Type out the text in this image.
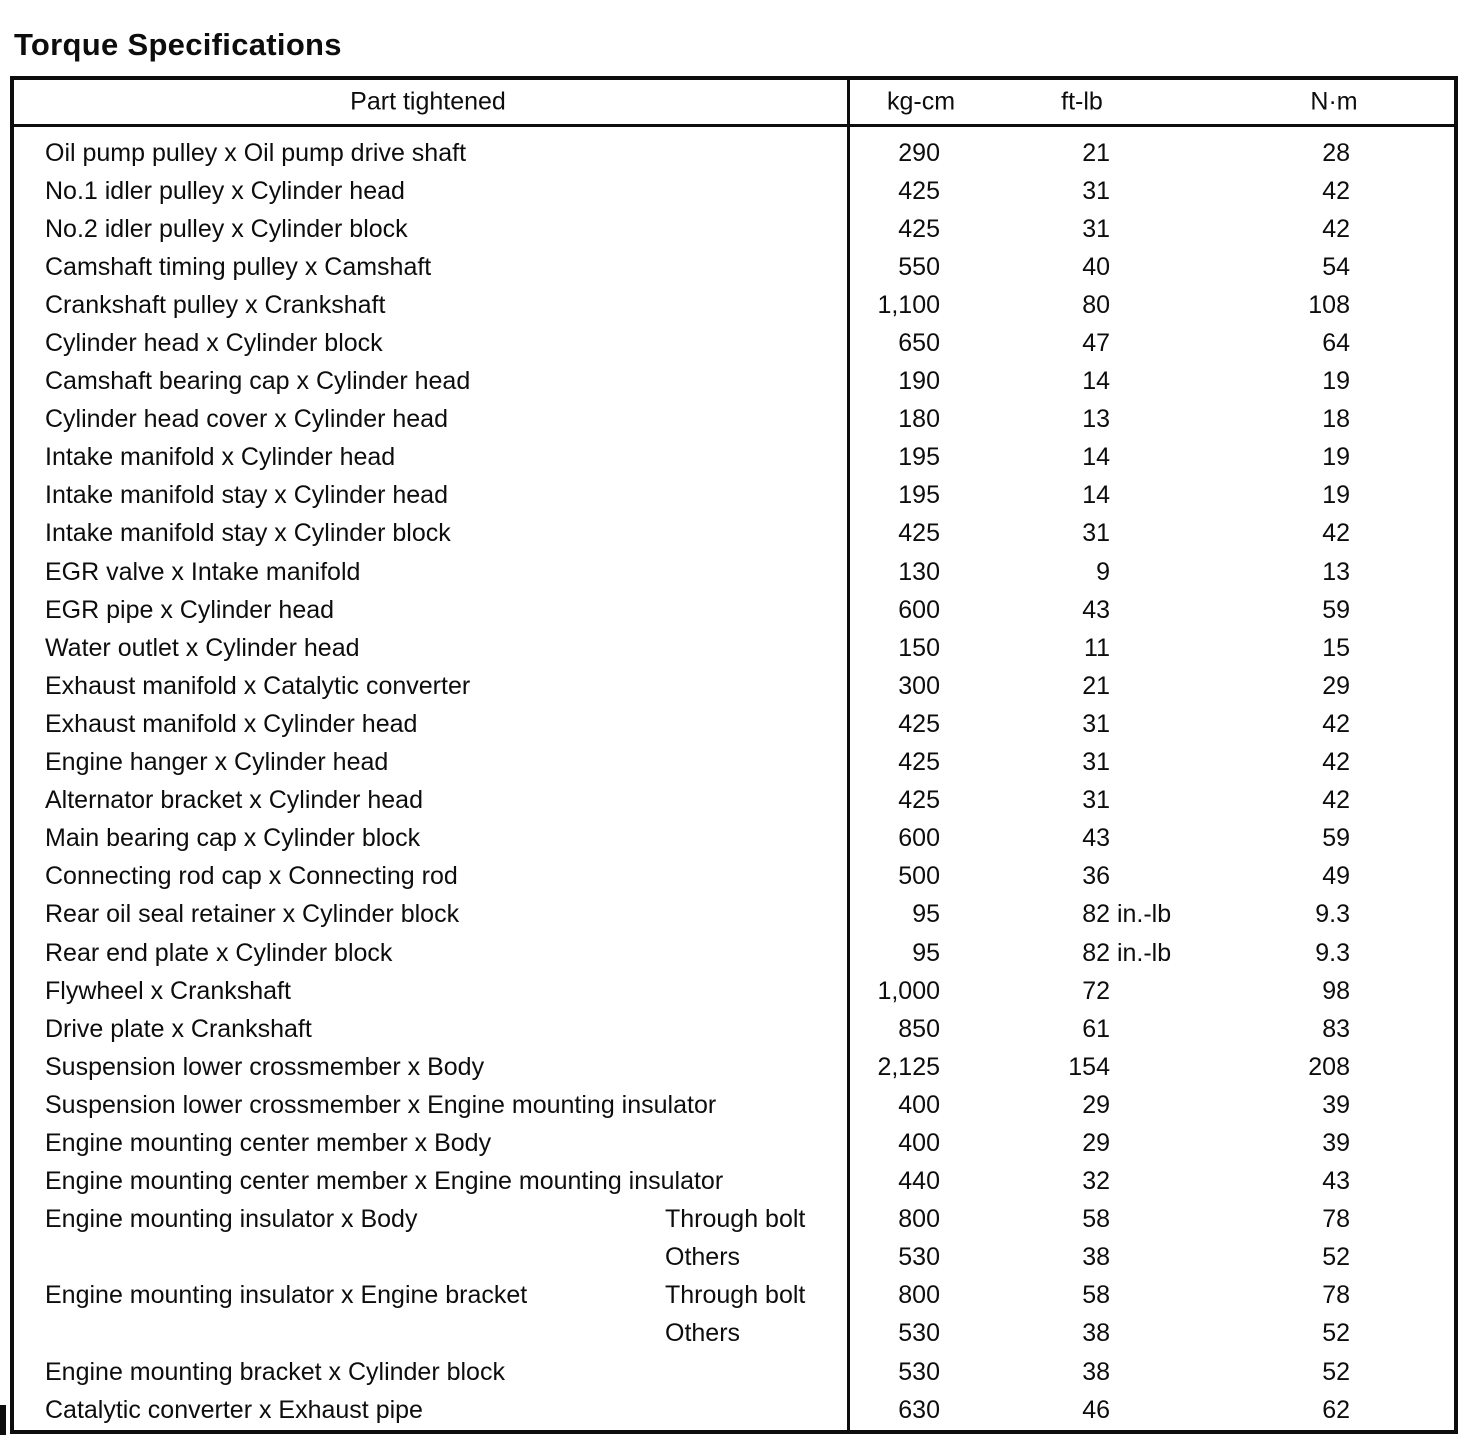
Torque Specifications
Part tightened	kg-cm	ft-lb	N·m
Oil pump pulley x Oil pump drive shaft	290	21	28
No.1 idler pulley x Cylinder head	425	31	42
No.2 idler pulley x Cylinder block	425	31	42
Camshaft timing pulley x Camshaft	550	40	54
Crankshaft pulley x Crankshaft	1,100	80	108
Cylinder head x Cylinder block	650	47	64
Camshaft bearing cap x Cylinder head	190	14	19
Cylinder head cover x Cylinder head	180	13	18
Intake manifold x Cylinder head	195	14	19
Intake manifold stay x Cylinder head	195	14	19
Intake manifold stay x Cylinder block	425	31	42
EGR valve x Intake manifold	130	9	13
EGR pipe x Cylinder head	600	43	59
Water outlet x Cylinder head	150	11	15
Exhaust manifold x Catalytic converter	300	21	29
Exhaust manifold x Cylinder head	425	31	42
Engine hanger x Cylinder head	425	31	42
Alternator bracket x Cylinder head	425	31	42
Main bearing cap x Cylinder block	600	43	59
Connecting rod cap x Connecting rod	500	36	49
Rear oil seal retainer x Cylinder block	95	82 in.-lb	9.3
Rear end plate x Cylinder block	95	82 in.-lb	9.3
Flywheel x Crankshaft	1,000	72	98
Drive plate x Crankshaft	850	61	83
Suspension lower crossmember x Body	2,125	154	208
Suspension lower crossmember x Engine mounting insulator	400	29	39
Engine mounting center member x Body	400	29	39
Engine mounting center member x Engine mounting insulator	440	32	43
Engine mounting insulator x Body	Through bolt	800	58	78
Others	530	38	52
Engine mounting insulator x Engine bracket	Through bolt	800	58	78
Others	530	38	52
Engine mounting bracket x Cylinder block	530	38	52
Catalytic converter x Exhaust pipe	630	46	62
